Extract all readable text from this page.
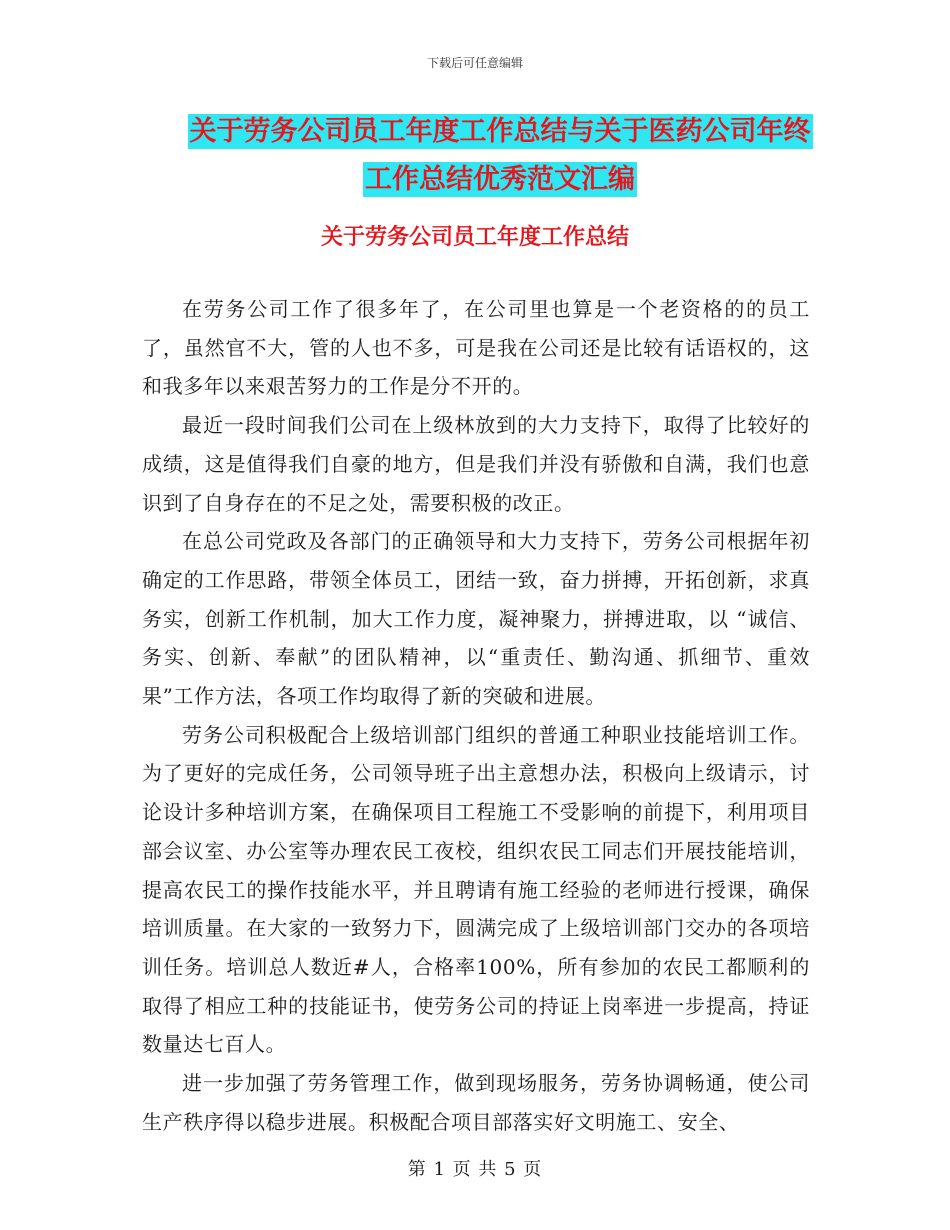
下载后可任意编辑
关于劳务公司员工年度工作总结与关于医药公司年终
工作总结优秀范文汇编
关于劳务公司员工年度工作总结

在劳务公司工作了很多年了，在公司里也算是一个老资格的的员工了，虽然官不大，管的人也不多，可是我在公司还是比较有话语权的，这和我多年以来艰苦努力的工作是分不开的。

最近一段时间我们公司在上级林放到的大力支持下，取得了比较好的成绩，这是值得我们自豪的地方，但是我们并没有骄傲和自满，我们也意识到了自身存在的不足之处，需要积极的改正。

在总公司党政及各部门的正确领导和大力支持下，劳务公司根据年初确定的工作思路，带领全体员工，团结一致，奋力拼搏，开拓创新，求真务实，创新工作机制，加大工作力度，凝神聚力，拼搏进取，以 “诚信、务实、创新、奉献”的团队精神，以“重责任、勤沟通、抓细节、重效果”工作方法，各项工作均取得了新的突破和进展。

劳务公司积极配合上级培训部门组织的普通工种职业技能培训工作。为了更好的完成任务，公司领导班子出主意想办法，积极向上级请示，讨论设计多种培训方案，在确保项目工程施工不受影响的前提下，利用项目部会议室、办公室等办理农民工夜校，组织农民工同志们开展技能培训，提高农民工的操作技能水平，并且聘请有施工经验的老师进行授课，确保培训质量。在大家的一致努力下，圆满完成了上级培训部门交办的各项培训任务。培训总人数近#人，合格率100%，所有参加的农民工都顺利的取得了相应工种的技能证书，使劳务公司的持证上岗率进一步提高，持证数量达七百人。

进一步加强了劳务管理工作，做到现场服务，劳务协调畅通，使公司生产秩序得以稳步进展。积极配合项目部落实好文明施工、安全、

第 1 页 共 5 页
